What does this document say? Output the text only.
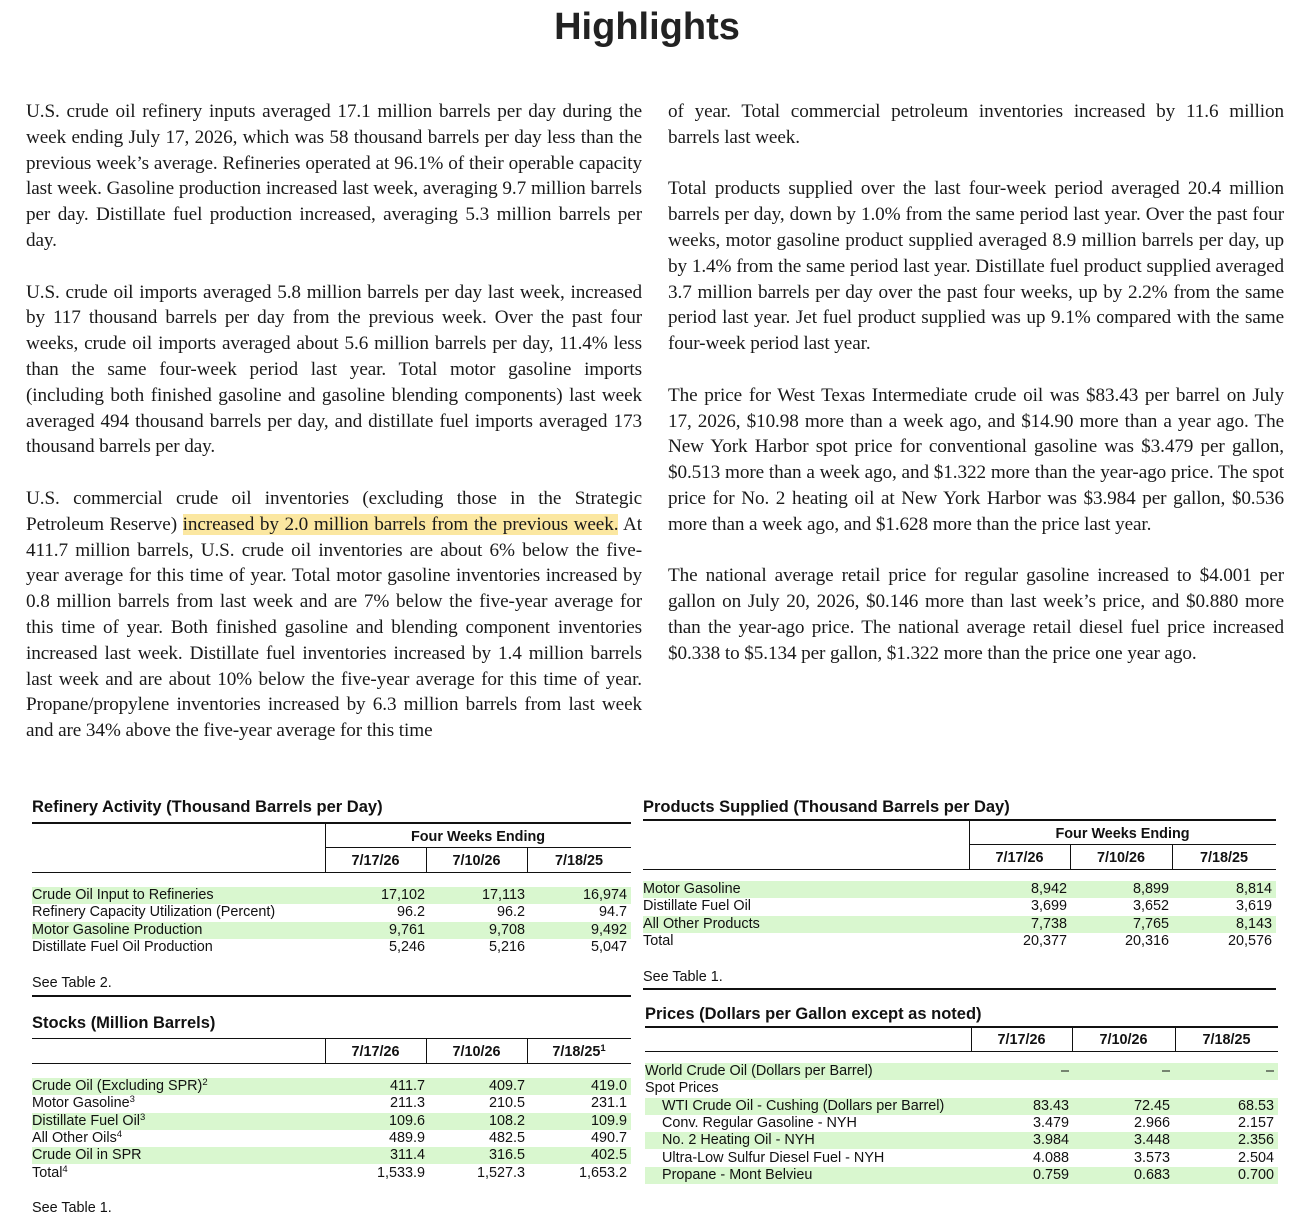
Highlights

U.S. crude oil refinery inputs averaged 17.1 million barrels per day during the week ending July 17, 2026, which was 58 thousand barrels per day less than the previous week’s average. Refineries operated at 96.1% of their operable capacity last week. Gasoline production increased last week, averaging 9.7 million barrels per day. Distillate fuel production increased, averaging 5.3 million barrels per day.

U.S. crude oil imports averaged 5.8 million barrels per day last week, increased by 117 thousand barrels per day from the previous week. Over the past four weeks, crude oil imports averaged about 5.6 million barrels per day, 11.4% less than the same four-week period last year. Total motor gasoline imports (including both finished gasoline and gasoline blending components) last week averaged 494 thousand barrels per day, and distillate fuel imports averaged 173 thousand barrels per day.

U.S. commercial crude oil inventories (excluding those in the Strategic Petroleum Reserve) increased by 2.0 million barrels from the previous week. At 411.7 million barrels, U.S. crude oil inventories are about 6% below the five-year average for this time of year. Total motor gasoline inventories increased by 0.8 million barrels from last week and are 7% below the five-year average for this time of year. Both finished gasoline and blending component inventories increased last week. Distillate fuel inventories increased by 1.4 million barrels last week and are about 10% below the five-year average for this time of year. Propane/propylene inventories increased by 6.3 million barrels from last week and are 34% above the five-year average for this time

of year. Total commercial petroleum inventories increased by 11.6 million barrels last week.

Total products supplied over the last four-week period averaged 20.4 million barrels per day, down by 1.0% from the same period last year. Over the past four weeks, motor gasoline product supplied averaged 8.9 million barrels per day, up by 1.4% from the same period last year. Distillate fuel product supplied averaged 3.7 million barrels per day over the past four weeks, up by 2.2% from the same period last year. Jet fuel product supplied was up 9.1% compared with the same four-week period last year.

The price for West Texas Intermediate crude oil was $83.43 per barrel on July 17, 2026, $10.98 more than a week ago, and $14.90 more than a year ago. The New York Harbor spot price for conventional gasoline was $3.479 per gallon, $0.513 more than a week ago, and $1.322 more than the year-ago price. The spot price for No. 2 heating oil at New York Harbor was $3.984 per gallon, $0.536 more than a week ago, and $1.628 more than the price last year.

The national average retail price for regular gasoline increased to $4.001 per gallon on July 20, 2026, $0.146 more than last week’s price, and $0.880 more than the year-ago price. The national average retail diesel fuel price increased $0.338 to $5.134 per gallon, $1.322 more than the price one year ago.

Refinery Activity (Thousand Barrels per Day)
Four Weeks Ending
7/17/26	7/10/26	7/18/25
Crude Oil Input to Refineries	17,102	17,113	16,974
Refinery Capacity Utilization (Percent)	96.2	96.2	94.7
Motor Gasoline Production	9,761	9,708	9,492
Distillate Fuel Oil Production	5,246	5,216	5,047
See Table 2.
Stocks (Million Barrels)
7/17/26	7/10/26	$7/18/25^1$
Crude Oil (Excluding SPR)$^2$	411.7	409.7	419.0
Motor Gasoline$^3$	211.3	210.5	231.1
Distillate Fuel Oil$^3$	109.6	108.2	109.9
All Other Oils$^4$	489.9	482.5	490.7
Crude Oil in SPR	311.4	316.5	402.5
Total$^4$	1,533.9	1,527.3	1,653.2
See Table 1.
Products Supplied (Thousand Barrels per Day)
Four Weeks Ending
7/17/26	7/10/26	7/18/25
Motor Gasoline	8,942	8,899	8,814
Distillate Fuel Oil	3,699	3,652	3,619
All Other Products	7,738	7,765	8,143
Total	20,377	20,316	20,576
See Table 1.
Prices (Dollars per Gallon except as noted)
7/17/26	7/10/26	7/18/25
World Crude Oil (Dollars per Barrel)	–	–	–
Spot Prices
WTI Crude Oil - Cushing (Dollars per Barrel)	83.43	72.45	68.53
Conv. Regular Gasoline - NYH	3.479	2.966	2.157
No. 2 Heating Oil - NYH	3.984	3.448	2.356
Ultra-Low Sulfur Diesel Fuel - NYH	4.088	3.573	2.504
Propane - Mont Belvieu	0.759	0.683	0.700
